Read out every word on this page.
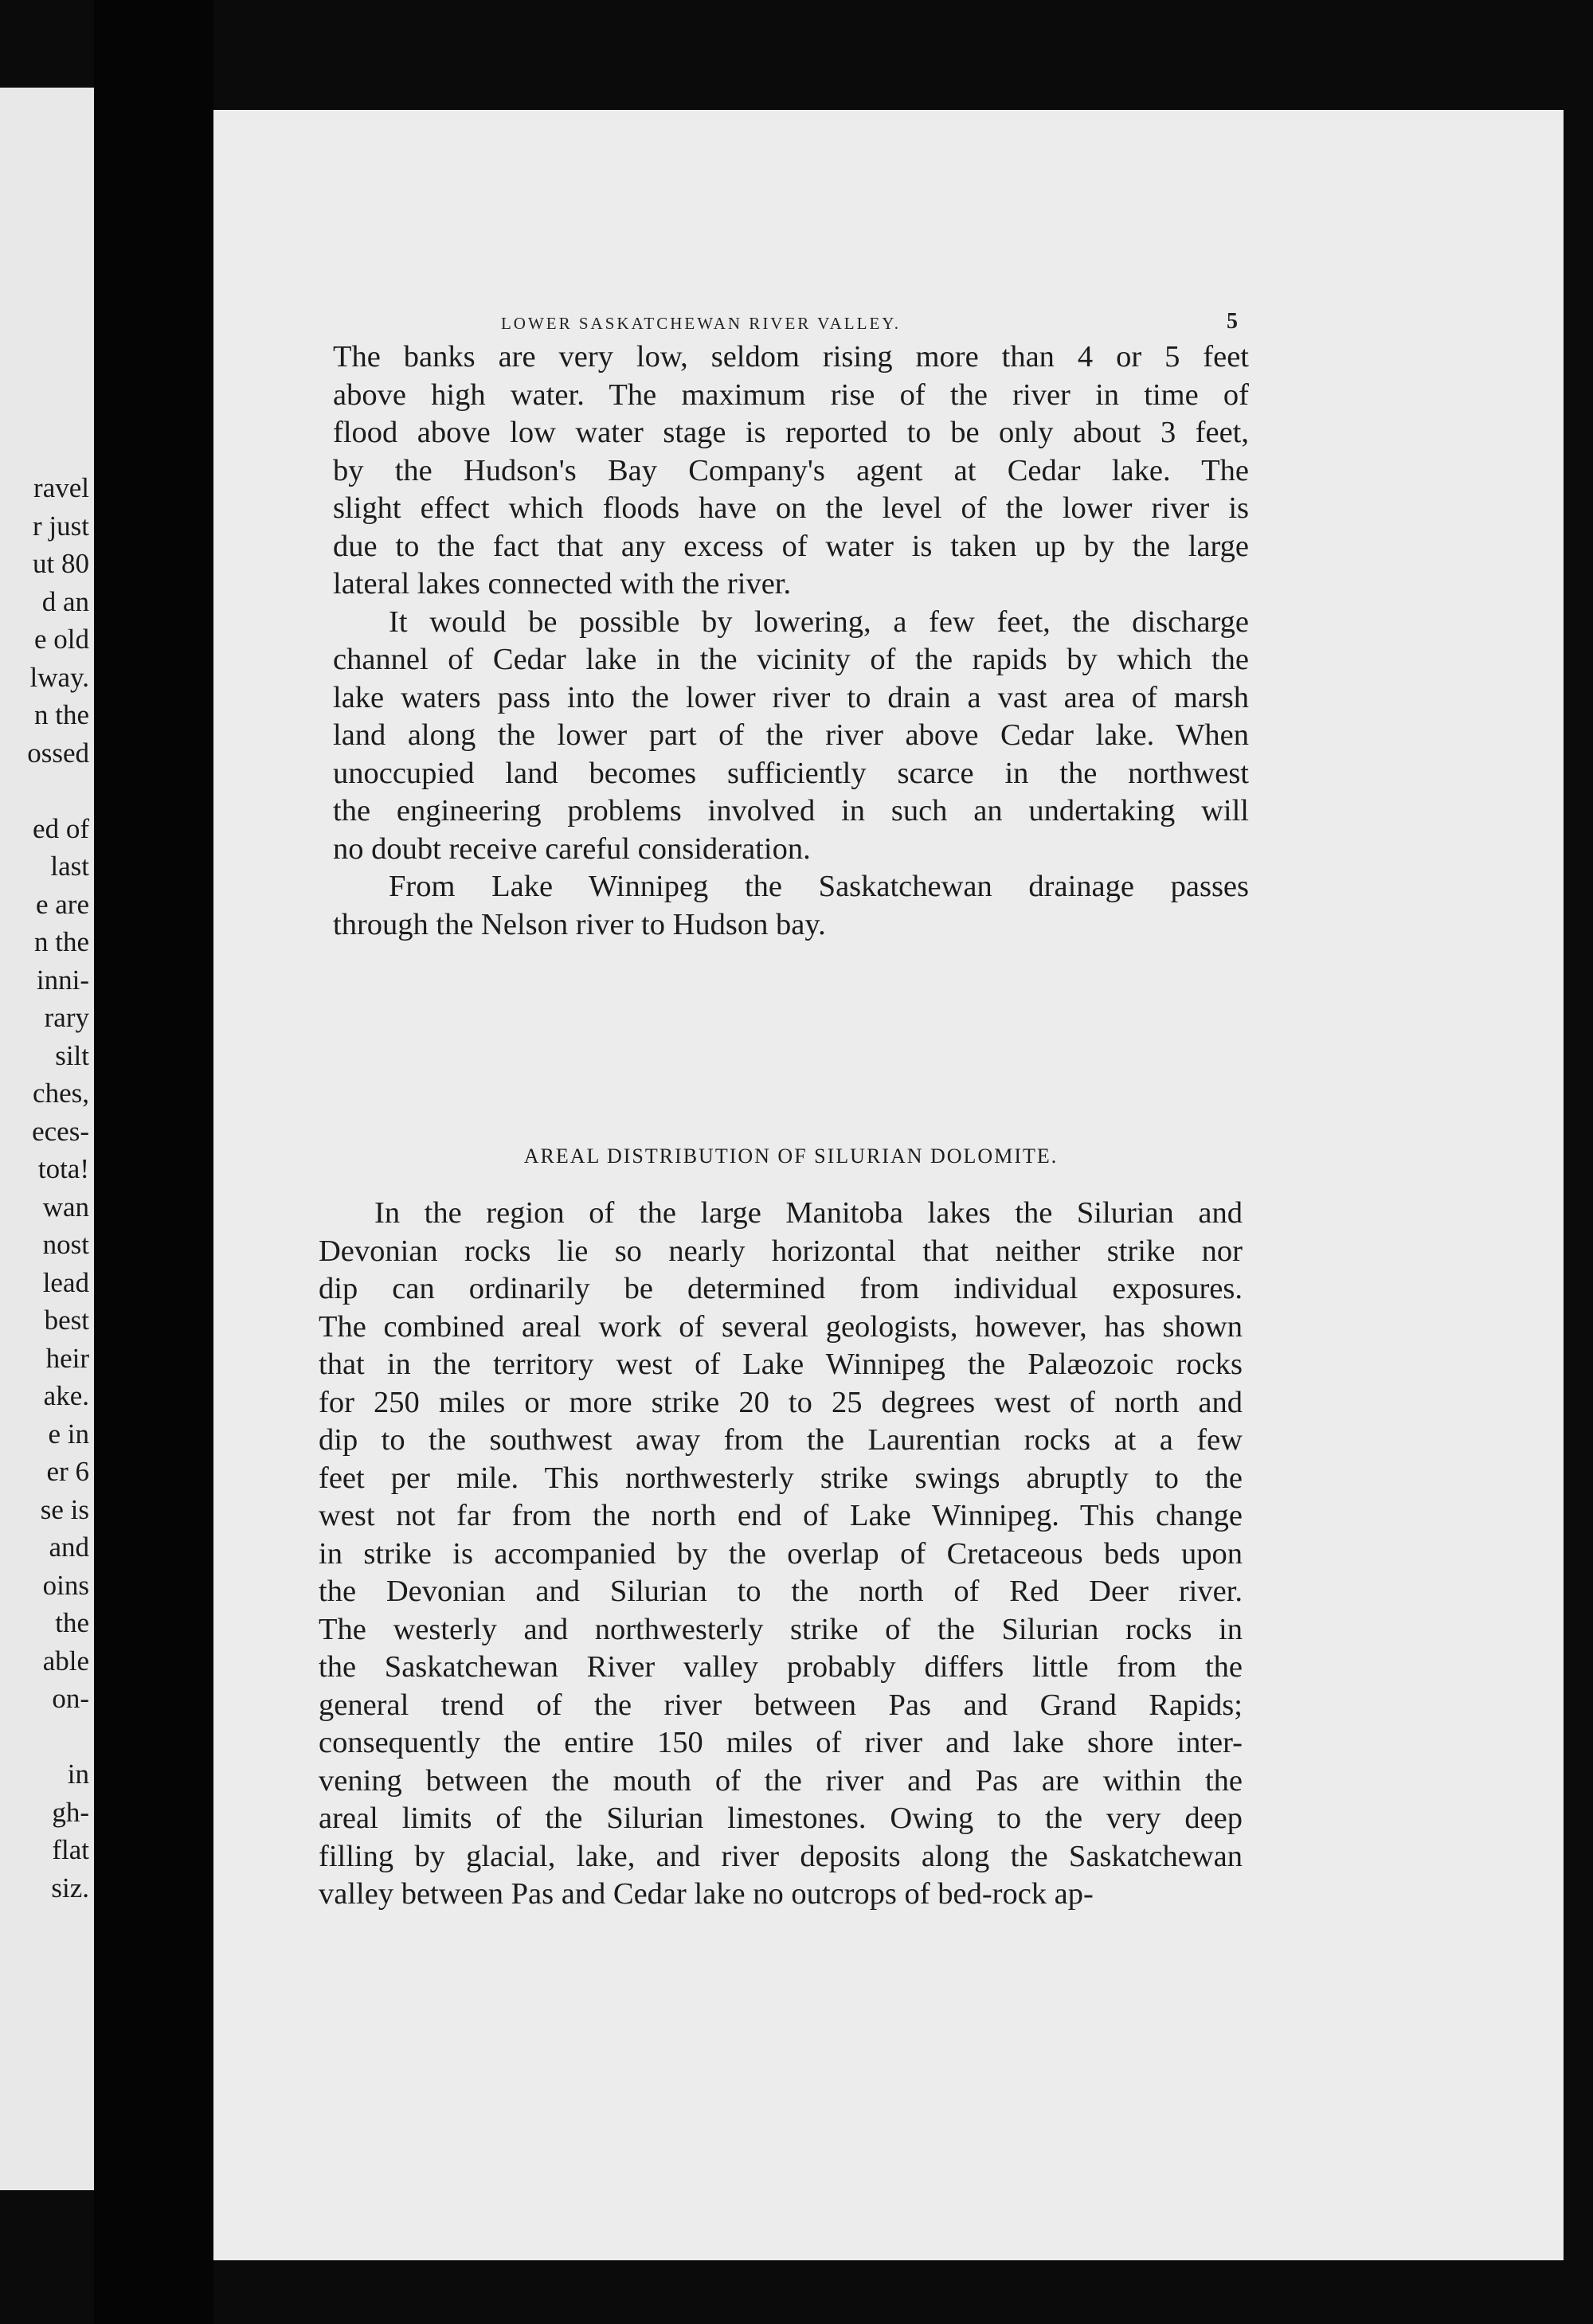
ravel
r just
ut 80
d an
e old
lway.
n the
ossed
ed of
last
e are
n the
inni-
rary
silt
ches,
eces-
tota!
wan
nost
lead
best
heir
ake.
e in
er 6
se is
and
oins
the
able
on-
in
gh-
flat
siz.
LOWER SASKATCHEWAN RIVER VALLEY.	5
The banks are very low, seldom rising more than 4 or 5 feet
above high water. The maximum rise of the river in time of
flood above low water stage is reported to be only about 3 feet,
by the Hudson's Bay Company's agent at Cedar lake. The
slight effect which floods have on the level of the lower river is
due to the fact that any excess of water is taken up by the large
lateral lakes connected with the river.
It would be possible by lowering, a few feet, the discharge
channel of Cedar lake in the vicinity of the rapids by which the
lake waters pass into the lower river to drain a vast area of marsh
land along the lower part of the river above Cedar lake. When
unoccupied land becomes sufficiently scarce in the northwest
the engineering problems involved in such an undertaking will
no doubt receive careful consideration.
From Lake Winnipeg the Saskatchewan drainage passes
through the Nelson river to Hudson bay.
AREAL DISTRIBUTION OF SILURIAN DOLOMITE.
In the region of the large Manitoba lakes the Silurian and
Devonian rocks lie so nearly horizontal that neither strike nor
dip can ordinarily be determined from individual exposures.
The combined areal work of several geologists, however, has shown
that in the territory west of Lake Winnipeg the Palæozoic rocks
for 250 miles or more strike 20 to 25 degrees west of north and
dip to the southwest away from the Laurentian rocks at a few
feet per mile. This northwesterly strike swings abruptly to the
west not far from the north end of Lake Winnipeg. This change
in strike is accompanied by the overlap of Cretaceous beds upon
the Devonian and Silurian to the north of Red Deer river.
The westerly and northwesterly strike of the Silurian rocks in
the Saskatchewan River valley probably differs little from the
general trend of the river between Pas and Grand Rapids;
consequently the entire 150 miles of river and lake shore inter-
vening between the mouth of the river and Pas are within the
areal limits of the Silurian limestones. Owing to the very deep
filling by glacial, lake, and river deposits along the Saskatchewan
valley between Pas and Cedar lake no outcrops of bed-rock ap-
